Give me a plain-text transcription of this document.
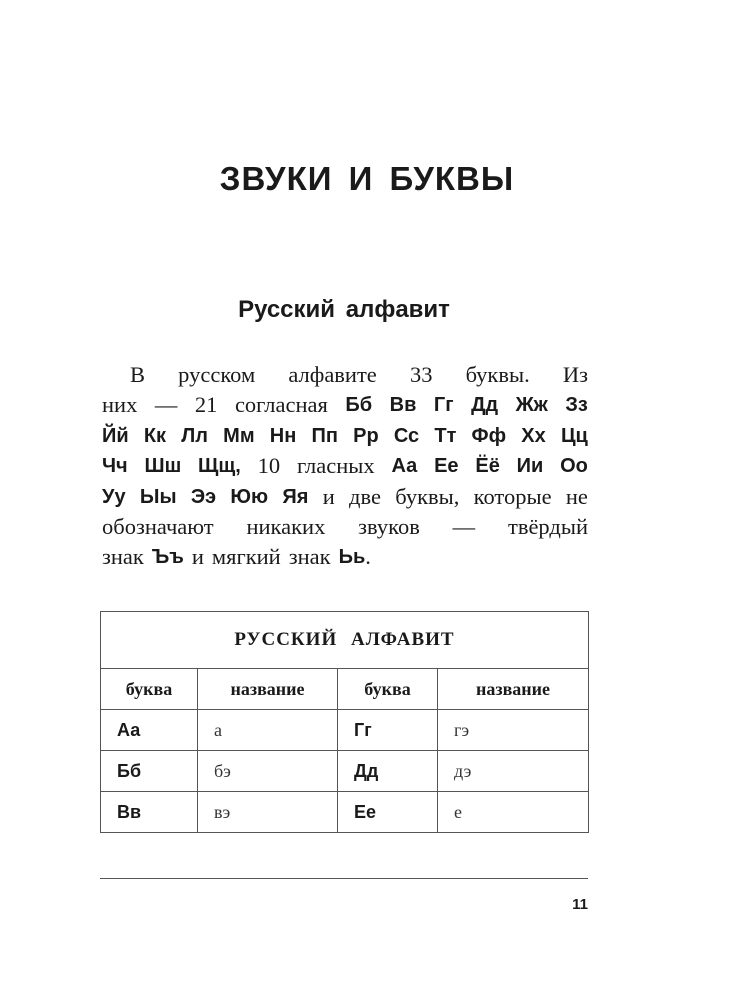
ЗВУКИ И БУКВЫ
Русский алфавит
В русском алфавите 33 буквы. Из
них — 21 согласная Бб Вв Гг Дд Жж Зз
Йй Кк Лл Мм Нн Пп Рр Сс Тт Фф Хх Цц
Чч Шш Щщ, 10 гласных Аа Ее Ёё Ии Оо
Уу Ыы Ээ Юю Яя и две буквы, которые не
обозначают никаких звуков — твёрдый
знак Ъъ и мягкий знак Ьь .
РУССКИЙ АЛФАВИТ			
буква	название	буква	название
Аа	а	Гг	гэ
Бб	бэ	Дд	дэ
Вв	вэ	Ее	е
11
